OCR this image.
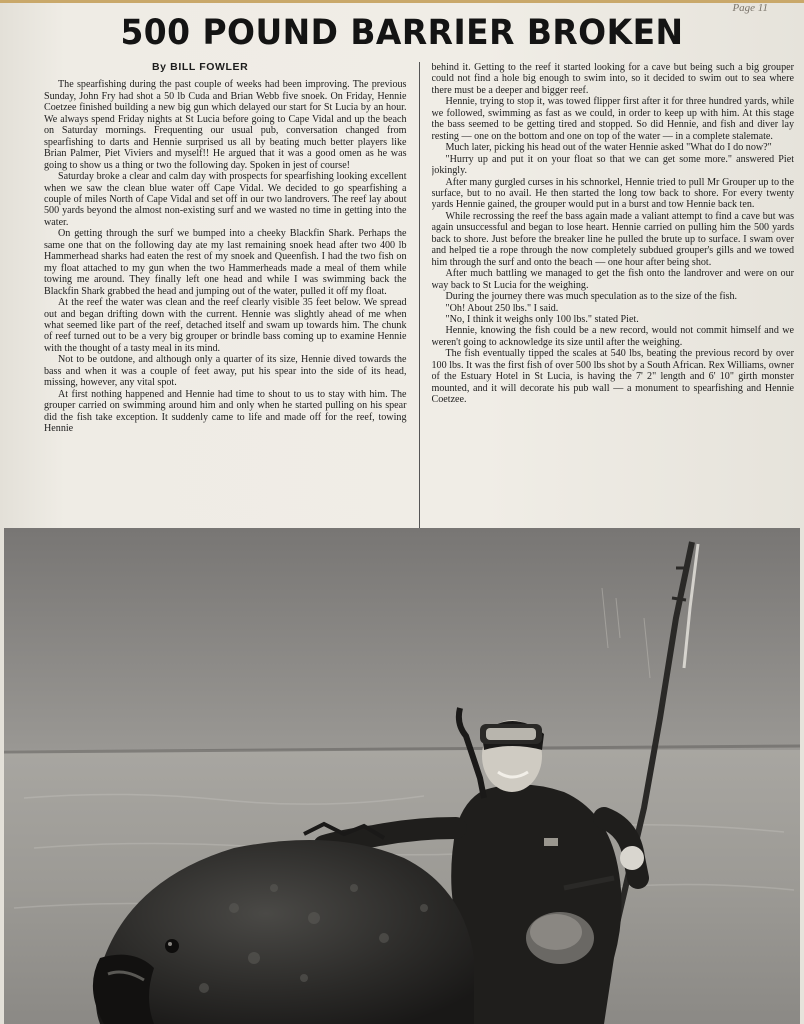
Page 11
500 POUND BARRIER BROKEN
By BILL FOWLER

The spearfishing during the past couple of weeks had been improving. The previous Sunday, John Fry had shot a 50 lb Cuda and Brian Webb five snoek. On Friday, Hennie Coetzee finished building a new big gun which delayed our start for St Lucia by an hour. We always spend Friday nights at St Lucia before going to Cape Vidal and up the beach on Saturday mornings. Frequenting our usual pub, conversation changed from spearfishing to darts and Hennie surprised us all by beating much better players like Brian Palmer, Piet Viviers and myself!! He argued that it was a good omen as he was going to show us a thing or two the following day. Spoken in jest of course!

Saturday broke a clear and calm day with prospects for spearfishing looking excellent when we saw the clean blue water off Cape Vidal. We decided to go spearfishing a couple of miles North of Cape Vidal and set off in our two landrovers. The reef lay about 500 yards beyond the almost non-existing surf and we wasted no time in getting into the water.

On getting through the surf we bumped into a cheeky Blackfin Shark. Perhaps the same one that on the following day ate my last remaining snoek head after two 400 lb Hammerhead sharks had eaten the rest of my snoek and Queenfish. I had the two fish on my float attached to my gun when the two Hammerheads made a meal of them while towing me around. They finally left one head and while I was swimming back the Blackfin Shark grabbed the head and jumping out of the water, pulled it off my float.

At the reef the water was clean and the reef clearly visible 35 feet below. We spread out and began drifting down with the current. Hennie was slightly ahead of me when what seemed like part of the reef, detached itself and swam up towards him. The chunk of reef turned out to be a very big grouper or brindle bass coming up to examine Hennie with the thought of a tasty meal in its mind.

Not to be outdone, and although only a quarter of its size, Hennie dived towards the bass and when it was a couple of feet away, put his spear into the side of its head, missing, however, any vital spot.

At first nothing happened and Hennie had time to shout to us to stay with him. The grouper carried on swimming around him and only when he started pulling on his spear did the fish take exception. It suddenly came to life and made off for the reef, towing Hennie

behind it. Getting to the reef it started looking for a cave but being such a big grouper could not find a hole big enough to swim into, so it decided to swim out to sea where there must be a deeper and bigger reef.

Hennie, trying to stop it, was towed flipper first after it for three hundred yards, while we followed, swimming as fast as we could, in order to keep up with him. At this stage the bass seemed to be getting tired and stopped. So did Hennie, and fish and diver lay resting — one on the bottom and one on top of the water — in a complete stalemate.

Much later, picking his head out of the water Hennie asked "What do I do now?"

"Hurry up and put it on your float so that we can get some more." answered Piet jokingly.

After many gurgled curses in his schnorkel, Hennie tried to pull Mr Grouper up to the surface, but to no avail. He then started the long tow back to shore. For every twenty yards Hennie gained, the grouper would put in a burst and tow Hennie back ten.

While recrossing the reef the bass again made a valiant attempt to find a cave but was again unsuccessful and began to lose heart. Hennie carried on pulling him the 500 yards back to shore. Just before the breaker line he pulled the brute up to surface. I swam over and helped tie a rope through the now completely subdued grouper's gills and we towed him through the surf and onto the beach — one hour after being shot.

After much battling we managed to get the fish onto the landrover and were on our way back to St Lucia for the weighing.

During the journey there was much speculation as to the size of the fish.

"Oh! About 250 lbs." I said.

"No, I think it weighs only 100 lbs." stated Piet.

Hennie, knowing the fish could be a new record, would not commit himself and we weren't going to acknowledge its size until after the weighing.

The fish eventually tipped the scales at 540 lbs, beating the previous record by over 100 lbs. It was the first fish of over 500 lbs shot by a South African. Rex Williams, owner of the Estuary Hotel in St Lucia, is having the 7' 2" length and 6' 10" girth monster mounted, and it will decorate his pub wall — a monument to spearfishing and Hennie Coetzee.
